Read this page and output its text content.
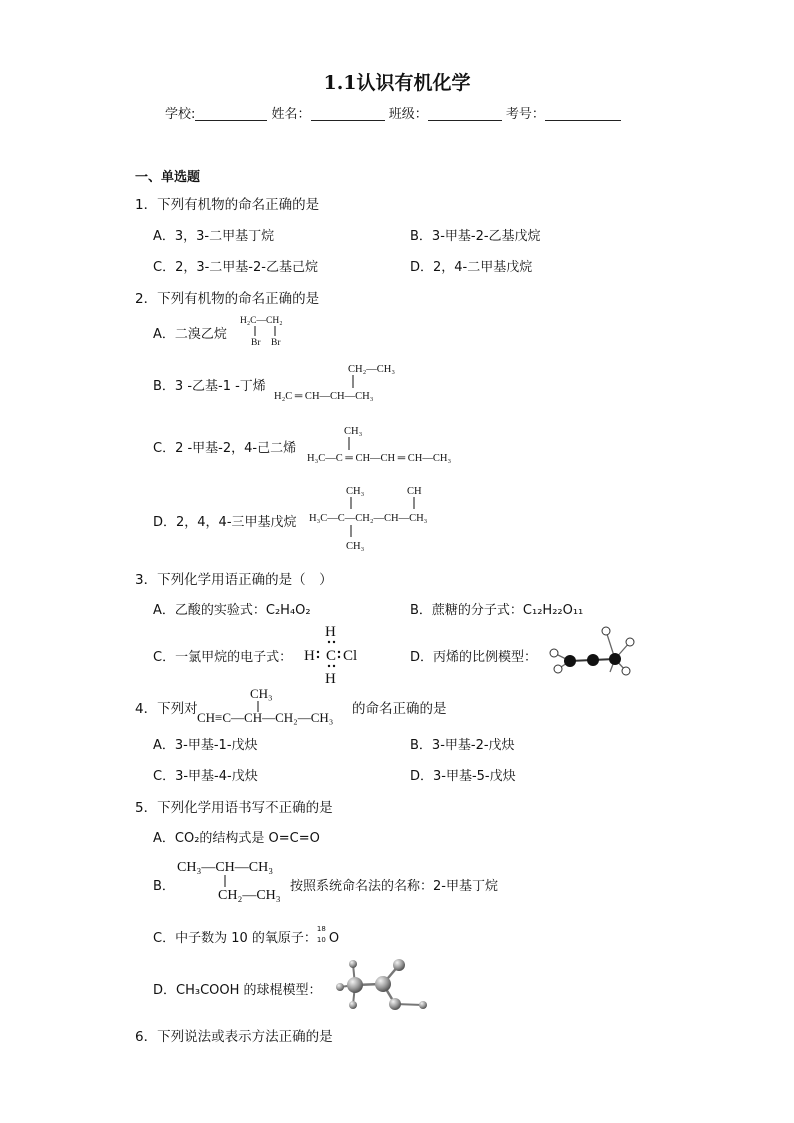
1.1认识有机化学
学校:	姓名：	班级：	考号：
一、单选题
1．下列有机物的命名正确的是
A．3，3-二甲基丁烷	B．3-甲基-2-乙基戊烷
C．2，3-二甲基-2-乙基己烷	D．2，4-二甲基戊烷
2．下列有机物的命名正确的是
A．二溴乙烷
H₂C—CH₂
Br Br
B．3 -乙基-1 -丁烯
CH₂—CH₃
H₂C ═ CH—CH—CH₃
C．2 -甲基-2，4-己二烯
CH₃
H₃C—C ═ CH—CH ═ CH—CH₃
D．2，4，4-三甲基戊烷
CH₃	CH
H₃C—C—CH₂—CH—CH₃
CH₃
3．下列化学用语正确的是（　）
A．乙酸的实验式：C₂H₄O₂	B．蔗糖的分子式：C₁₂H₂₂O₁₁
C．一氯甲烷的电子式：
H
H C Cl
H
D．丙烯的比例模型：
4．下列对
CH₃
CH≡C—CH—CH₂—CH₃
的命名正确的是
A．3-甲基-1-戊炔	B．3-甲基-2-戊炔
C．3-甲基-4-戊炔	D．3-甲基-5-戊炔
5．下列化学用语书写不正确的是
A．CO₂的结构式是 O=C=O
B．
CH₃—CH—CH₃
CH₂—CH₃
按照系统命名法的名称：2-甲基丁烷
C．中子数为 10 的氧原子：
18
10 O
D．CH₃COOH 的球棍模型：
6．下列说法或表示方法正确的是
